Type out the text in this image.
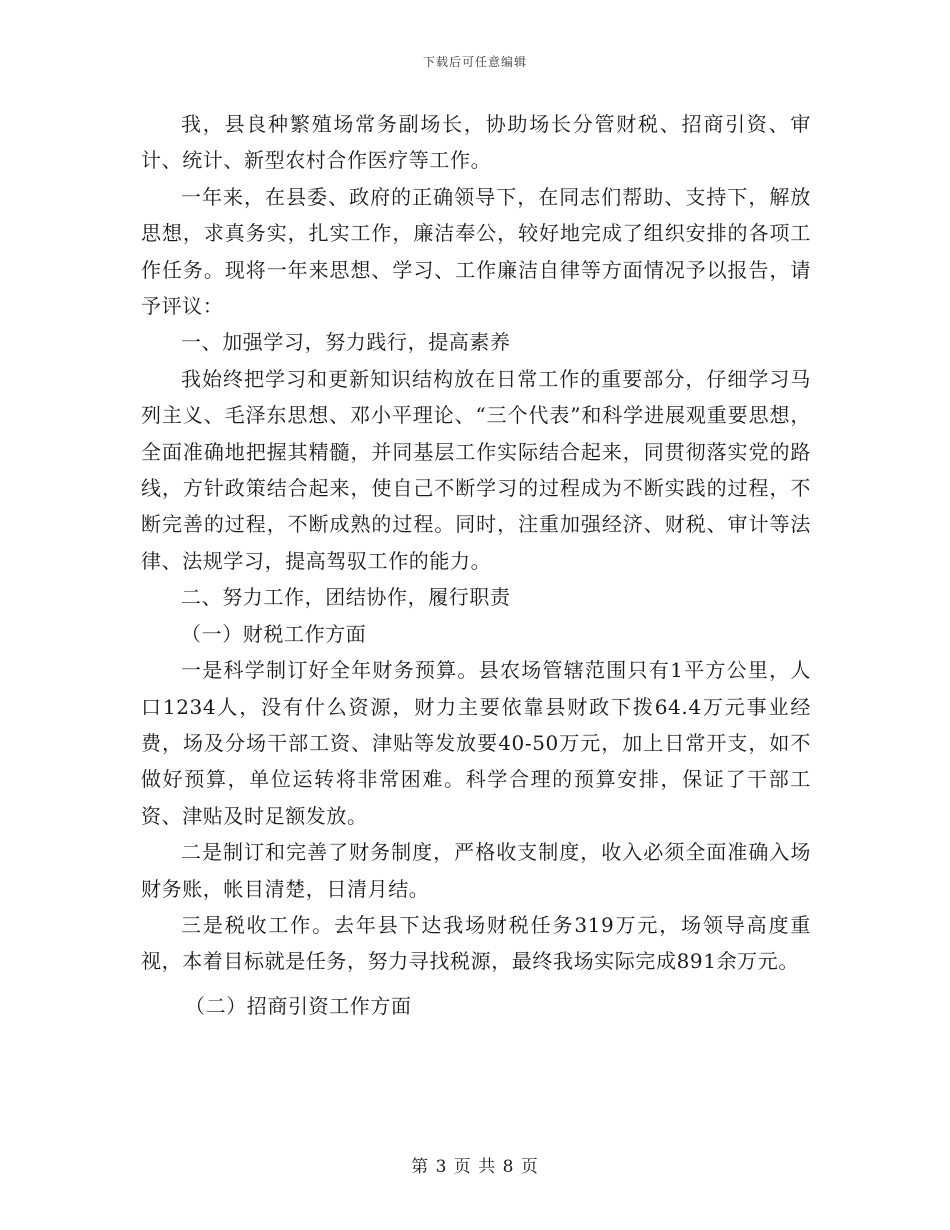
下载后可任意编辑

我，县良种繁殖场常务副场长，协助场长分管财税、招商引资、审计、统计、新型农村合作医疗等工作。

一年来，在县委、政府的正确领导下，在同志们帮助、支持下，解放思想，求真务实，扎实工作，廉洁奉公，较好地完成了组织安排的各项工作任务。现将一年来思想、学习、工作廉洁自律等方面情况予以报告，请予评议：

一、加强学习，努力践行，提高素养

我始终把学习和更新知识结构放在日常工作的重要部分，仔细学习马列主义、毛泽东思想、邓小平理论、“三个代表”和科学进展观重要思想，全面准确地把握其精髓，并同基层工作实际结合起来，同贯彻落实党的路线，方针政策结合起来，使自己不断学习的过程成为不断实践的过程，不断完善的过程，不断成熟的过程。同时，注重加强经济、财税、审计等法律、法规学习，提高驾驭工作的能力。

二、努力工作，团结协作，履行职责

（一）财税工作方面

一是科学制订好全年财务预算。县农场管辖范围只有1平方公里，人口1234人，没有什么资源，财力主要依靠县财政下拨64.4万元事业经费，场及分场干部工资、津贴等发放要40-50万元，加上日常开支，如不做好预算，单位运转将非常困难。科学合理的预算安排，保证了干部工资、津贴及时足额发放。

二是制订和完善了财务制度，严格收支制度，收入必须全面准确入场财务账，帐目清楚，日清月结。

三是税收工作。去年县下达我场财税任务319万元，场领导高度重视，本着目标就是任务，努力寻找税源，最终我场实际完成891余万元。

（二）招商引资工作方面

第 3 页 共 8 页
